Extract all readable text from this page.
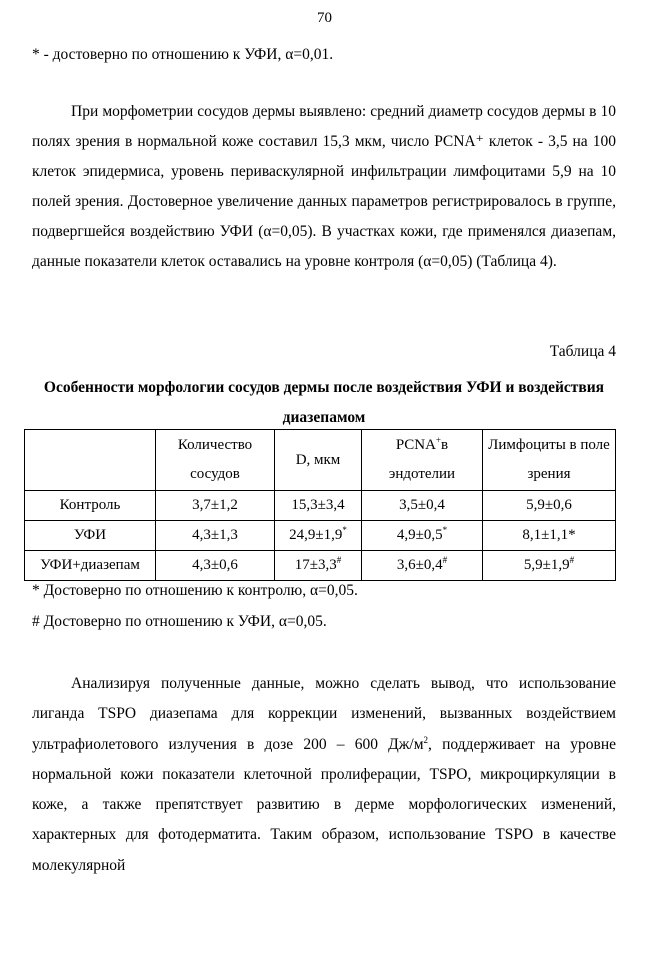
70
* - достоверно по отношению к УФИ, α=0,01.

При морфометрии сосудов дермы выявлено: средний диаметр сосудов дермы в 10 полях зрения в нормальной коже составил 15,3 мкм, число PCNA⁺ клеток - 3,5 на 100 клеток эпидермиса, уровень периваскулярной инфильтрации лимфоцитами 5,9 на 10 полей зрения. Достоверное увеличение данных параметров регистрировалось в группе, подвергшейся воздействию УФИ (α=0,05). В участках кожи, где применялся диазепам, данные показатели клеток оставались на уровне контроля (α=0,05) (Таблица 4).

Таблица 4
Особенности морфологии сосудов дермы после воздействия УФИ и воздействия диазепамом
	Количество сосудов	D, мкм	PCNA+в эндотелии	Лимфоциты в поле зрения
Контроль	3,7±1,2	15,3±3,4	3,5±0,4	5,9±0,6
УФИ	4,3±1,3	24,9±1,9*	4,9±0,5*	8,1±1,1*
УФИ+диазепам	4,3±0,6	17±3,3#	3,6±0,4#	5,9±1,9#
* Достоверно по отношению к контролю, α=0,05.
# Достоверно по отношению к УФИ, α=0,05.

Анализируя полученные данные, можно сделать вывод, что использование лиганда TSPO диазепама для коррекции изменений, вызванных воздействием ультрафиолетового излучения в дозе 200 – 600 $Дж/м^2$, поддерживает на уровне нормальной кожи показатели клеточной пролиферации, TSPO, микроциркуляции в коже, а также препятствует развитию в дерме морфологических изменений, характерных для фотодерматита. Таким образом, использование TSPO в качестве молекулярной
